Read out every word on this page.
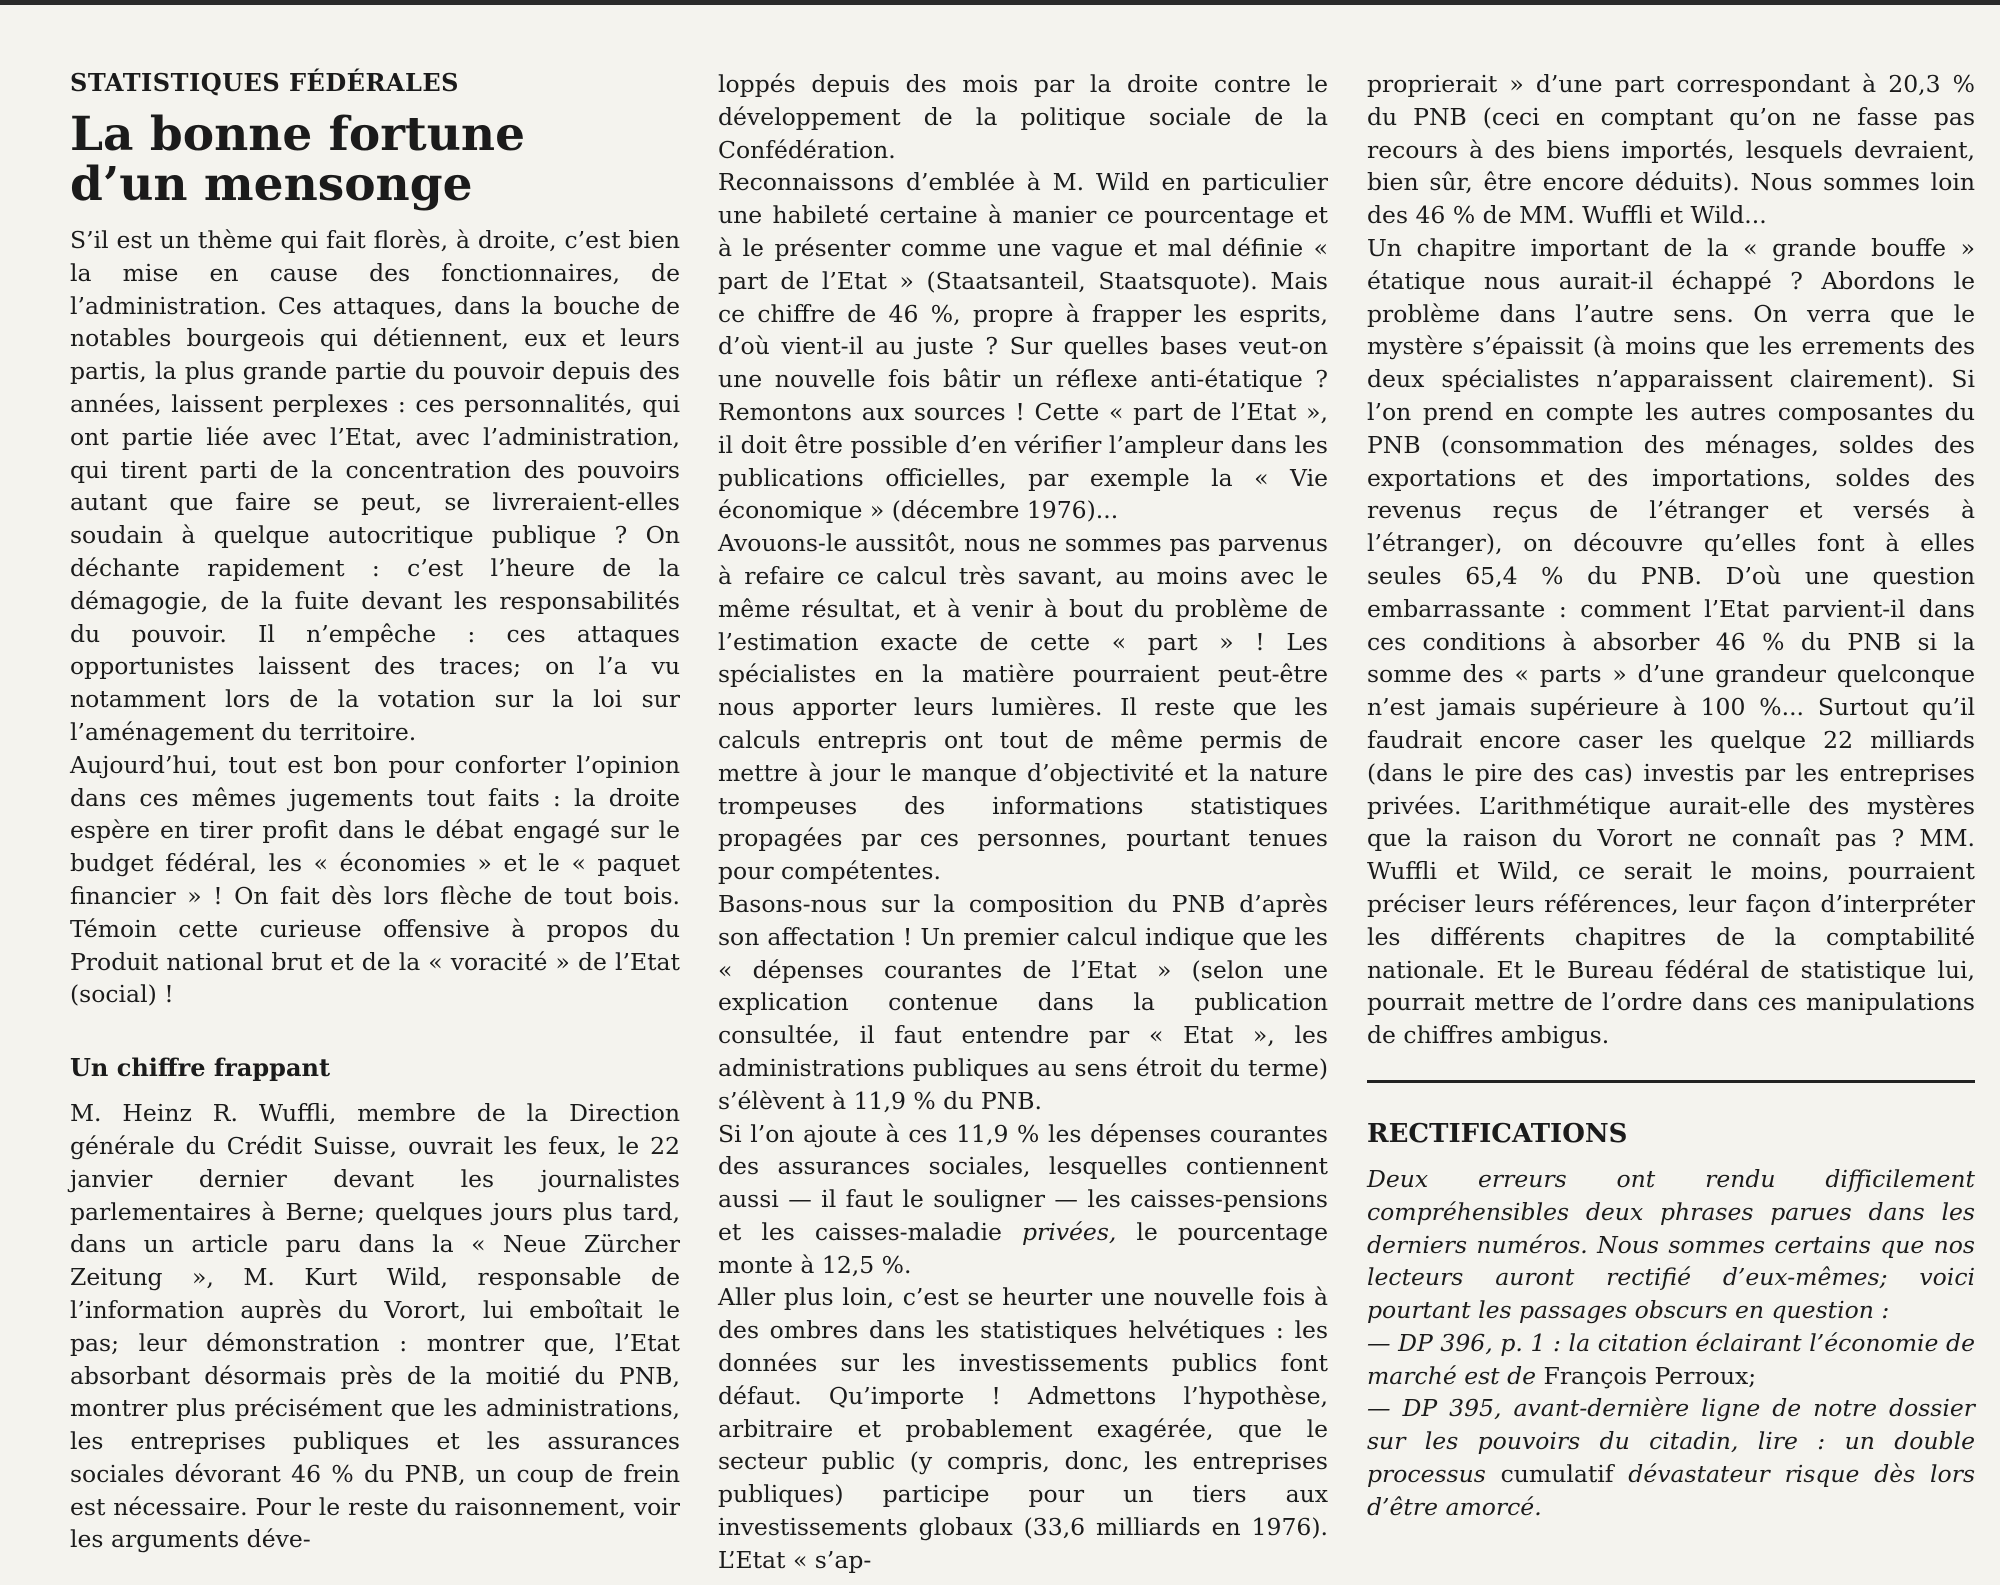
STATISTIQUES FÉDÉRALES
La bonne fortune
d’un mensonge

S’il est un thème qui fait florès, à droite, c’est bien la mise en cause des fonctionnaires, de l’administration. Ces attaques, dans la bouche de notables bourgeois qui détiennent, eux et leurs partis, la plus grande partie du pouvoir depuis des années, laissent perplexes : ces personnalités, qui ont partie liée avec l’Etat, avec l’administration, qui tirent parti de la concentration des pouvoirs autant que faire se peut, se livreraient-elles soudain à quelque autocritique publique ? On déchante rapidement : c’est l’heure de la démagogie, de la fuite devant les responsabilités du pouvoir. Il n’empêche : ces attaques opportunistes laissent des traces; on l’a vu notamment lors de la votation sur la loi sur l’aménagement du territoire.

Aujourd’hui, tout est bon pour conforter l’opinion dans ces mêmes jugements tout faits : la droite espère en tirer profit dans le débat engagé sur le budget fédéral, les « économies » et le « paquet financier » ! On fait dès lors flèche de tout bois. Témoin cette curieuse offensive à propos du Produit national brut et de la « voracité » de l’Etat (social) !

Un chiffre frappant

M. Heinz R. Wuffli, membre de la Direction générale du Crédit Suisse, ouvrait les feux, le 22 janvier dernier devant les journalistes parlementaires à Berne; quelques jours plus tard, dans un article paru dans la « Neue Zürcher Zeitung », M. Kurt Wild, responsable de l’information auprès du Vorort, lui emboîtait le pas; leur démonstration : montrer que, l’Etat absorbant désormais près de la moitié du PNB, montrer plus précisément que les administrations, les entreprises publiques et les assurances sociales dévorant 46 % du PNB, un coup de frein est nécessaire. Pour le reste du raisonnement, voir les arguments déve-

loppés depuis des mois par la droite contre le développement de la politique sociale de la Confédération.

Reconnaissons d’emblée à M. Wild en particulier une habileté certaine à manier ce pourcentage et à le présenter comme une vague et mal définie « part de l’Etat » (Staatsanteil, Staatsquote). Mais ce chiffre de 46 %, propre à frapper les esprits, d’où vient-il au juste ? Sur quelles bases veut-on une nouvelle fois bâtir un réflexe anti-étatique ? Remontons aux sources ! Cette « part de l’Etat », il doit être possible d’en vérifier l’ampleur dans les publications officielles, par exemple la « Vie économique » (décembre 1976)...

Avouons-le aussitôt, nous ne sommes pas parvenus à refaire ce calcul très savant, au moins avec le même résultat, et à venir à bout du problème de l’estimation exacte de cette « part » ! Les spécialistes en la matière pourraient peut-être nous apporter leurs lumières. Il reste que les calculs entrepris ont tout de même permis de mettre à jour le manque d’objectivité et la nature trompeuses des informations statistiques propagées par ces personnes, pourtant tenues pour compétentes.

Basons-nous sur la composition du PNB d’après son affectation ! Un premier calcul indique que les « dépenses courantes de l’Etat » (selon une explication contenue dans la publication consultée, il faut entendre par « Etat », les administrations publiques au sens étroit du terme) s’élèvent à 11,9 % du PNB.

Si l’on ajoute à ces 11,9 % les dépenses courantes des assurances sociales, lesquelles contiennent aussi — il faut le souligner — les caisses-pensions et les caisses-maladie privées, le pourcentage monte à 12,5 %.

Aller plus loin, c’est se heurter une nouvelle fois à des ombres dans les statistiques helvétiques : les données sur les investissements publics font défaut. Qu’importe ! Admettons l’hypothèse, arbitraire et probablement exagérée, que le secteur public (y compris, donc, les entreprises publiques) participe pour un tiers aux investissements globaux (33,6 milliards en 1976). L’Etat « s’ap-

proprierait » d’une part correspondant à 20,3 % du PNB (ceci en comptant qu’on ne fasse pas recours à des biens importés, lesquels devraient, bien sûr, être encore déduits). Nous sommes loin des 46 % de MM. Wuffli et Wild...

Un chapitre important de la « grande bouffe » étatique nous aurait-il échappé ? Abordons le problème dans l’autre sens. On verra que le mystère s’épaissit (à moins que les errements des deux spécialistes n’apparaissent clairement). Si l’on prend en compte les autres composantes du PNB (consommation des ménages, soldes des exportations et des importations, soldes des revenus reçus de l’étranger et versés à l’étranger), on découvre qu’elles font à elles seules 65,4 % du PNB. D’où une question embarrassante : comment l’Etat parvient-il dans ces conditions à absorber 46 % du PNB si la somme des « parts » d’une grandeur quelconque n’est jamais supérieure à 100 %... Surtout qu’il faudrait encore caser les quelque 22 milliards (dans le pire des cas) investis par les entreprises privées. L’arithmétique aurait-elle des mystères que la raison du Vorort ne connaît pas ? MM. Wuffli et Wild, ce serait le moins, pourraient préciser leurs références, leur façon d’interpréter les différents chapitres de la comptabilité nationale. Et le Bureau fédéral de statistique lui, pourrait mettre de l’ordre dans ces manipulations de chiffres ambigus.

RECTIFICATIONS

Deux erreurs ont rendu difficilement compréhensibles deux phrases parues dans les derniers numéros. Nous sommes certains que nos lecteurs auront rectifié d’eux-mêmes; voici pourtant les passages obscurs en question :

— DP 396, p. 1 : la citation éclairant l’économie de marché est de François Perroux;

— DP 395, avant-dernière ligne de notre dossier sur les pouvoirs du citadin, lire : un double processus cumulatif dévastateur risque dès lors d’être amorcé.
